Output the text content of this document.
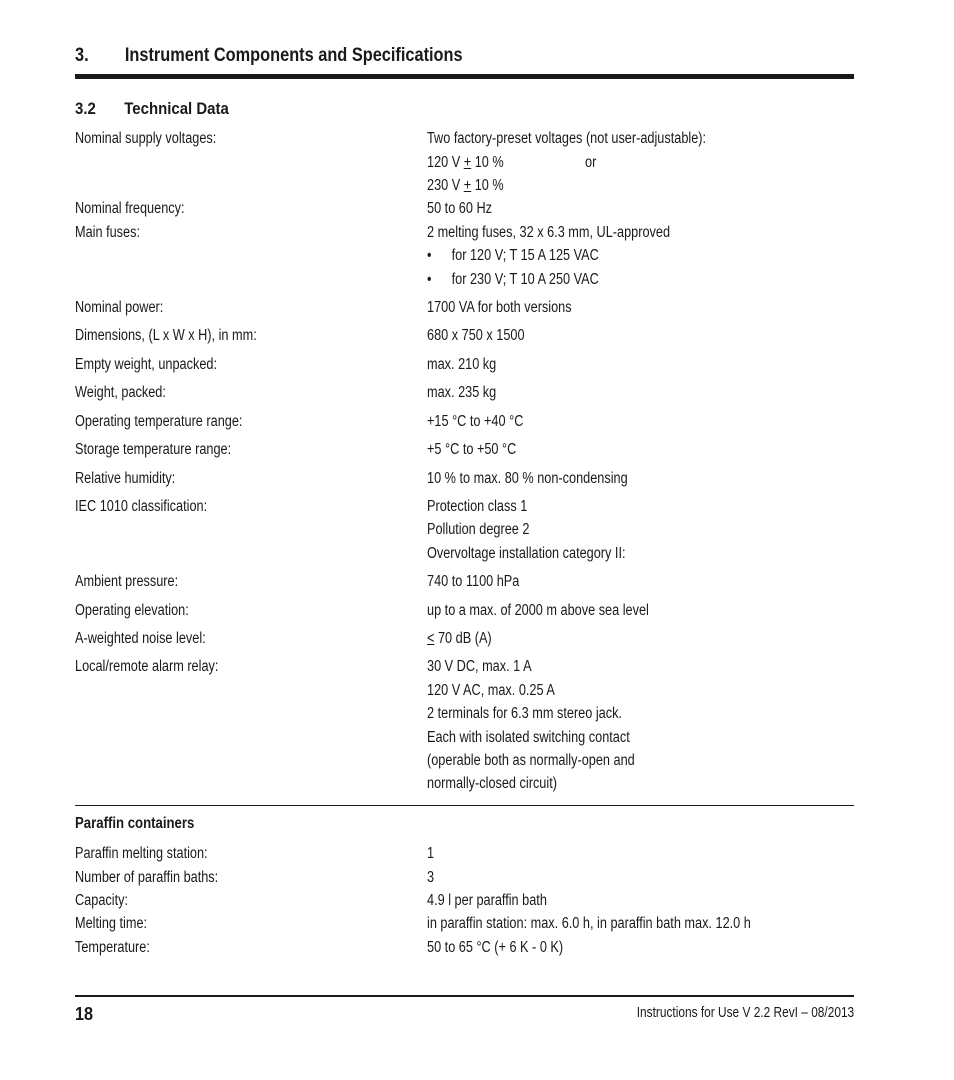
3. Instrument Components and Specifications
3.2 Technical Data
Nominal supply voltages:	Two factory-preset voltages (not user-adjustable):
120 V + 10 %	or
230 V + 10 %
Nominal frequency:	50 to 60 Hz
Main fuses:	2 melting fuses, 32 x 6.3 mm, UL-approved
• for 120 V; T 15 A 125 VAC
• for 230 V; T 10 A 250 VAC
Nominal power:	1700 VA for both versions
Dimensions, (L x W x H), in mm:	680 x 750 x 1500
Empty weight, unpacked:	max. 210 kg
Weight, packed:	max. 235 kg
Operating temperature range:	+15 °C to +40 °C
Storage temperature range:	+5 °C to +50 °C
Relative humidity:	10 % to max. 80 % non-condensing
IEC 1010 classification:	Protection class 1
Pollution degree 2
Overvoltage installation category II:
Ambient pressure:	740 to 1100 hPa
Operating elevation:	up to a max. of 2000 m above sea level
A-weighted noise level:	< 70 dB (A)
Local/remote alarm relay:	30 V DC, max. 1 A
120 V AC, max. 0.25 A
2 terminals for 6.3 mm stereo jack.
Each with isolated switching contact
(operable both as normally-open and
normally-closed circuit)
Paraffin containers
Paraffin melting station:	1
Number of paraffin baths:	3
Capacity:	4.9 l per paraffin bath
Melting time:	in paraffin station: max. 6.0 h, in paraffin bath max. 12.0 h
Temperature:	50 to 65 °C (+ 6 K - 0 K)
18	Instructions for Use V 2.2 RevI – 08/2013
